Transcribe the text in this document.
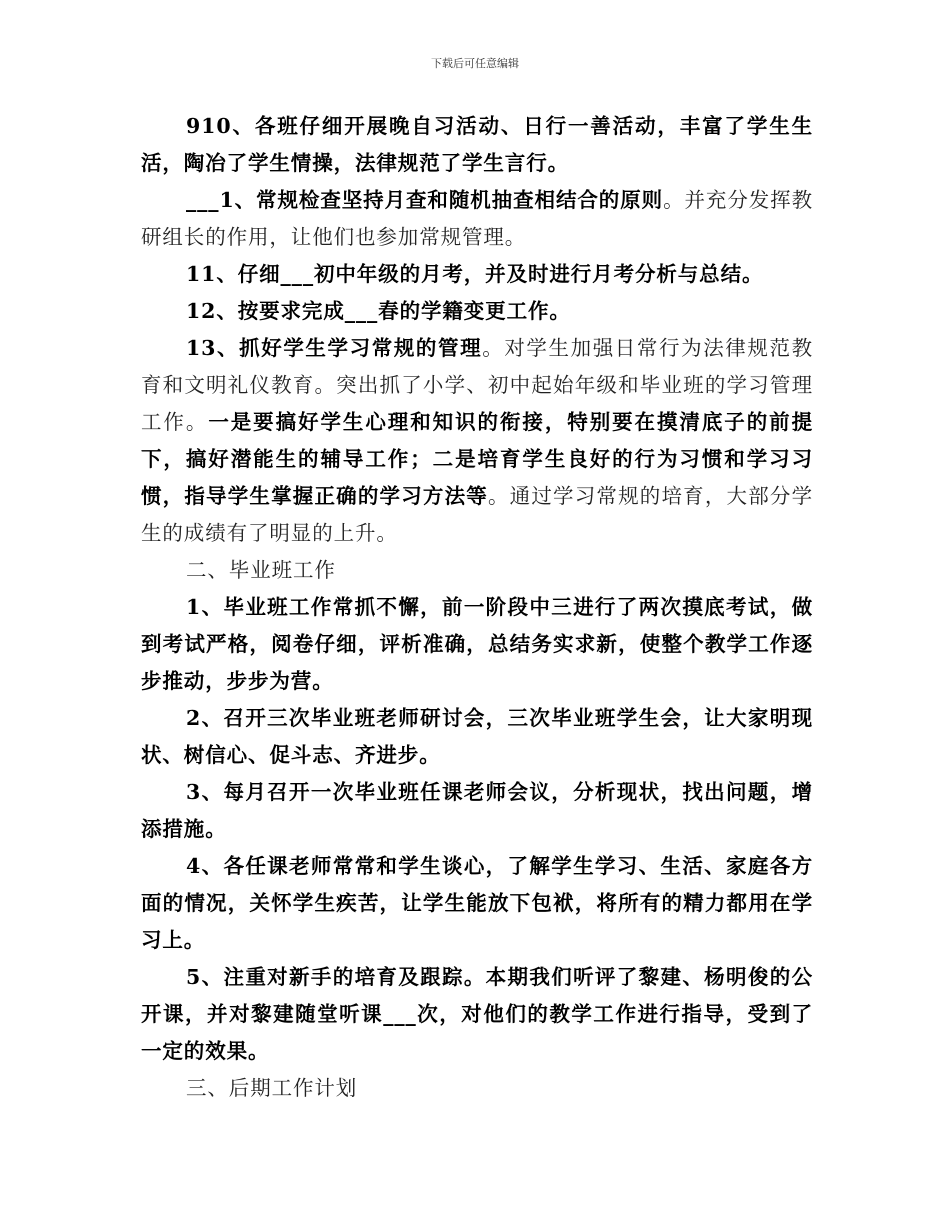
下载后可任意编辑

910、各班仔细开展晚自习活动、日行一善活动，丰富了学生生活，陶冶了学生情操，法律规范了学生言行。

___1、常规检查坚持月查和随机抽查相结合的原则。并充分发挥教研组长的作用，让他们也参加常规管理。

11、仔细___初中年级的月考，并及时进行月考分析与总结。

12、按要求完成___春的学籍变更工作。

13、抓好学生学习常规的管理。对学生加强日常行为法律规范教育和文明礼仪教育。突出抓了小学、初中起始年级和毕业班的学习管理工作。一是要搞好学生心理和知识的衔接，特别要在摸清底子的前提下，搞好潜能生的辅导工作；二是培育学生良好的行为习惯和学习习惯，指导学生掌握正确的学习方法等。通过学习常规的培育，大部分学生的成绩有了明显的上升。

二、毕业班工作

1、毕业班工作常抓不懈，前一阶段中三进行了两次摸底考试，做到考试严格，阅卷仔细，评析准确，总结务实求新，使整个教学工作逐步推动，步步为营。

2、召开三次毕业班老师研讨会，三次毕业班学生会，让大家明现状、树信心、促斗志、齐进步。

3、每月召开一次毕业班任课老师会议，分析现状，找出问题，增添措施。

4、各任课老师常常和学生谈心，了解学生学习、生活、家庭各方面的情况，关怀学生疾苦，让学生能放下包袱，将所有的精力都用在学习上。

5、注重对新手的培育及跟踪。本期我们听评了黎建、杨明俊的公开课，并对黎建随堂听课___次，对他们的教学工作进行指导，受到了一定的效果。

三、后期工作计划
